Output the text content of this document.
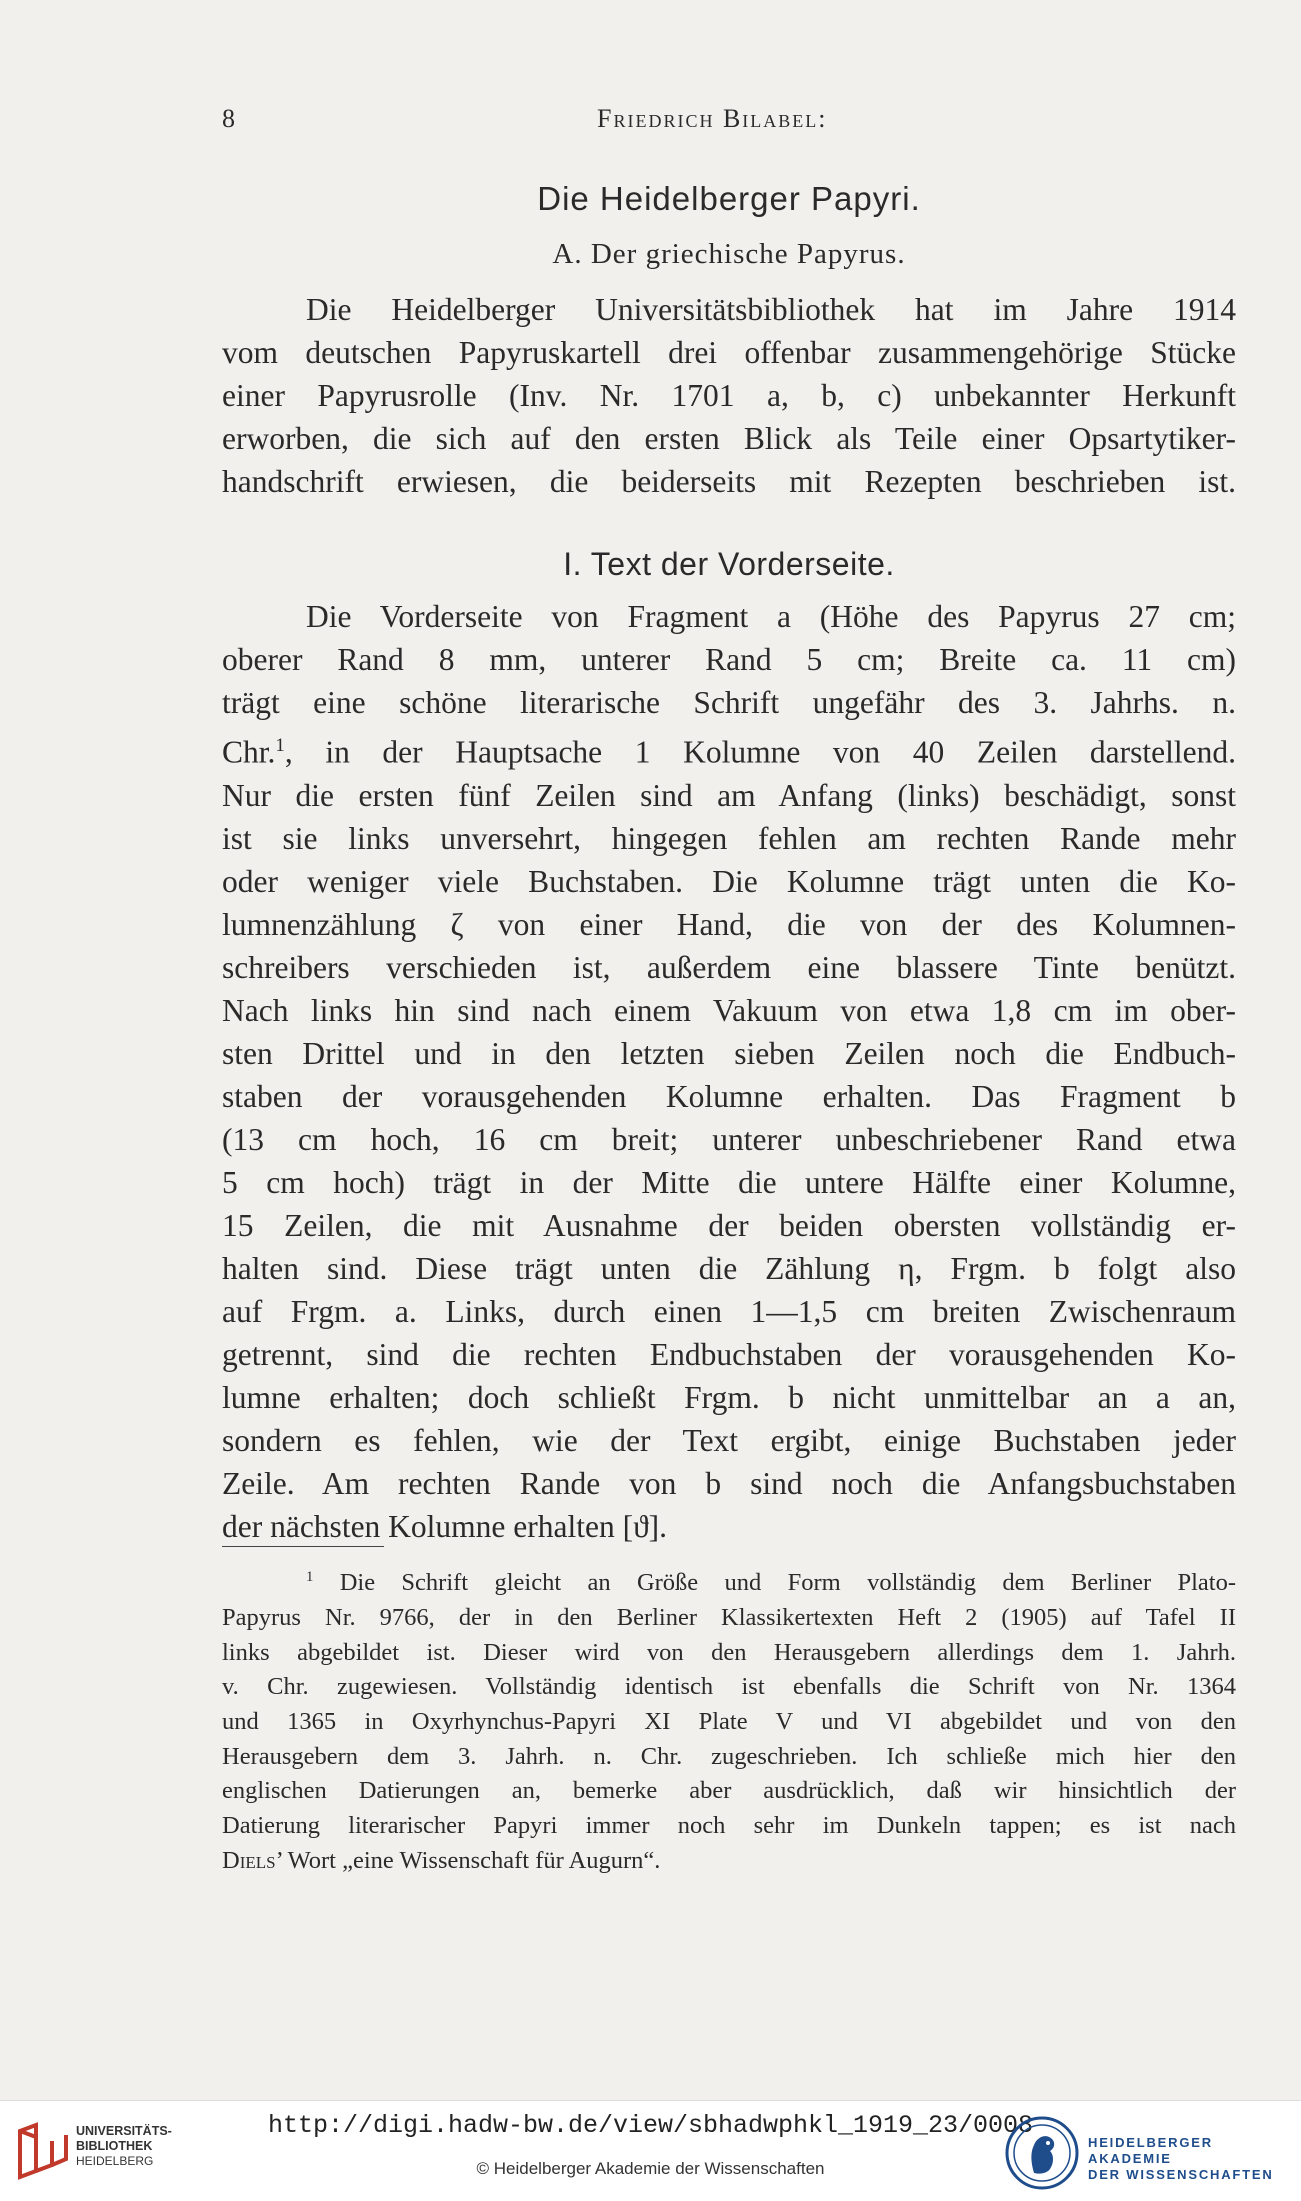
8	Friedrich Bilabel:
Die Heidelberger Papyri.
A. Der griechische Papyrus.
Die Heidelberger Universitätsbibliothek hat im Jahre 1914
vom deutschen Papyruskartell drei offenbar zusammengehörige Stücke
einer Papyrusrolle (Inv. Nr. 1701 a, b, c) unbekannter Herkunft
erworben, die sich auf den ersten Blick als Teile einer Opsartytiker-
handschrift erwiesen, die beiderseits mit Rezepten beschrieben ist.
I. Text der Vorderseite.
Die Vorderseite von Fragment a (Höhe des Papyrus 27 cm;
oberer Rand 8 mm, unterer Rand 5 cm; Breite ca. 11 cm)
trägt eine schöne literarische Schrift ungefähr des 3. Jahrhs. n.
Chr.$^1$, in der Hauptsache 1 Kolumne von 40 Zeilen darstellend.
Nur die ersten fünf Zeilen sind am Anfang (links) beschädigt, sonst
ist sie links unversehrt, hingegen fehlen am rechten Rande mehr
oder weniger viele Buchstaben. Die Kolumne trägt unten die Ko-
lumnenzählung ζ von einer Hand, die von der des Kolumnen-
schreibers verschieden ist, außerdem eine blassere Tinte benützt.
Nach links hin sind nach einem Vakuum von etwa 1,8 cm im ober-
sten Drittel und in den letzten sieben Zeilen noch die Endbuch-
staben der vorausgehenden Kolumne erhalten. Das Fragment b
(13 cm hoch, 16 cm breit; unterer unbeschriebener Rand etwa
5 cm hoch) trägt in der Mitte die untere Hälfte einer Kolumne,
15 Zeilen, die mit Ausnahme der beiden obersten vollständig er-
halten sind. Diese trägt unten die Zählung η, Frgm. b folgt also
auf Frgm. a. Links, durch einen 1—1,5 cm breiten Zwischenraum
getrennt, sind die rechten Endbuchstaben der vorausgehenden Ko-
lumne erhalten; doch schließt Frgm. b nicht unmittelbar an a an,
sondern es fehlen, wie der Text ergibt, einige Buchstaben jeder
Zeile. Am rechten Rande von b sind noch die Anfangsbuchstaben
der nächsten Kolumne erhalten [ϑ].
$^1$ Die Schrift gleicht an Größe und Form vollständig dem Berliner Plato-
Papyrus Nr. 9766, der in den Berliner Klassikertexten Heft 2 (1905) auf Tafel II
links abgebildet ist. Dieser wird von den Herausgebern allerdings dem 1. Jahrh.
v. Chr. zugewiesen. Vollständig identisch ist ebenfalls die Schrift von Nr. 1364
und 1365 in Oxyrhynchus-Papyri XI Plate V und VI abgebildet und von den
Herausgebern dem 3. Jahrh. n. Chr. zugeschrieben. Ich schließe mich hier den
englischen Datierungen an, bemerke aber ausdrücklich, daß wir hinsichtlich der
Datierung literarischer Papyri immer noch sehr im Dunkeln tappen; es ist nach
Diels’ Wort „eine Wissenschaft für Augurn“.
UNIVERSITÄTS-
BIBLIOTHEK
HEIDELBERG
http://digi.hadw-bw.de/view/sbhadwphkl_1919_23/0008
© Heidelberger Akademie der Wissenschaften
HEIDELBERGER AKADEMIE
DER WISSENSCHAFTEN
